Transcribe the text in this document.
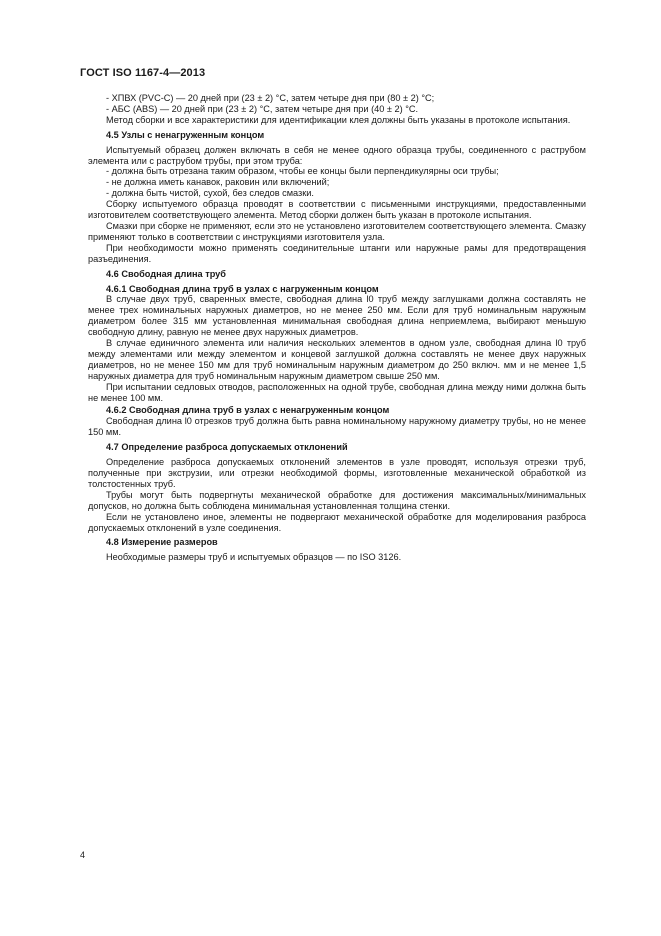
ГОСТ ISO 1167-4—2013
- ХПВХ (PVC-C) — 20 дней при (23 ± 2) °С, затем четыре дня при (80 ± 2) °С;
- АБС (ABS) — 20 дней при (23 ± 2) °С, затем четыре дня при (40 ± 2) °С.
Метод сборки и все характеристики для идентификации клея должны быть указаны в протоколе испытания.
4.5 Узлы с ненагруженным концом
Испытуемый образец должен включать в себя не менее одного образца трубы, соединенного с раструбом элемента или с раструбом трубы, при этом труба:
- должна быть отрезана таким образом, чтобы ее концы были перпендикулярны оси трубы;
- не должна иметь канавок, раковин или включений;
- должна быть чистой, сухой, без следов смазки.
Сборку испытуемого образца проводят в соответствии с письменными инструкциями, предоставленными изготовителем соответствующего элемента. Метод сборки должен быть указан в протоколе испытания.
Смазки при сборке не применяют, если это не установлено изготовителем соответствующего элемента. Смазку применяют только в соответствии с инструкциями изготовителя узла.
При необходимости можно применять соединительные штанги или наружные рамы для предотвращения разъединения.
4.6 Свободная длина труб
4.6.1 Свободная длина труб в узлах с нагруженным концом
В случае двух труб, сваренных вместе, свободная длина l0 труб между заглушками должна составлять не менее трех номинальных наружных диаметров, но не менее 250 мм. Если для труб номинальным наружным диаметром более 315 мм установленная минимальная свободная длина неприемлема, выбирают меньшую свободную длину, равную не менее двух наружных диаметров.
В случае единичного элемента или наличия нескольких элементов в одном узле, свободная длина l0 труб между элементами или между элементом и концевой заглушкой должна составлять не менее двух наружных диаметров, но не менее 150 мм для труб номинальным наружным диаметром до 250 включ. мм и не менее 1,5 наружных диаметра для труб номинальным наружным диаметром свыше 250 мм.
При испытании седловых отводов, расположенных на одной трубе, свободная длина между ними должна быть не менее 100 мм.
4.6.2 Свободная длина труб в узлах с ненагруженным концом
Свободная длина l0 отрезков труб должна быть равна номинальному наружному диаметру трубы, но не менее 150 мм.
4.7 Определение разброса допускаемых отклонений
Определение разброса допускаемых отклонений элементов в узле проводят, используя отрезки труб, полученные при экструзии, или отрезки необходимой формы, изготовленные механической обработкой из толстостенных труб.
Трубы могут быть подвергнуты механической обработке для достижения максимальных/минимальных допусков, но должна быть соблюдена минимальная установленная толщина стенки.
Если не установлено иное, элементы не подвергают механической обработке для моделирования разброса допускаемых отклонений в узле соединения.
4.8 Измерение размеров
Необходимые размеры труб и испытуемых образцов — по ISO 3126.
4
